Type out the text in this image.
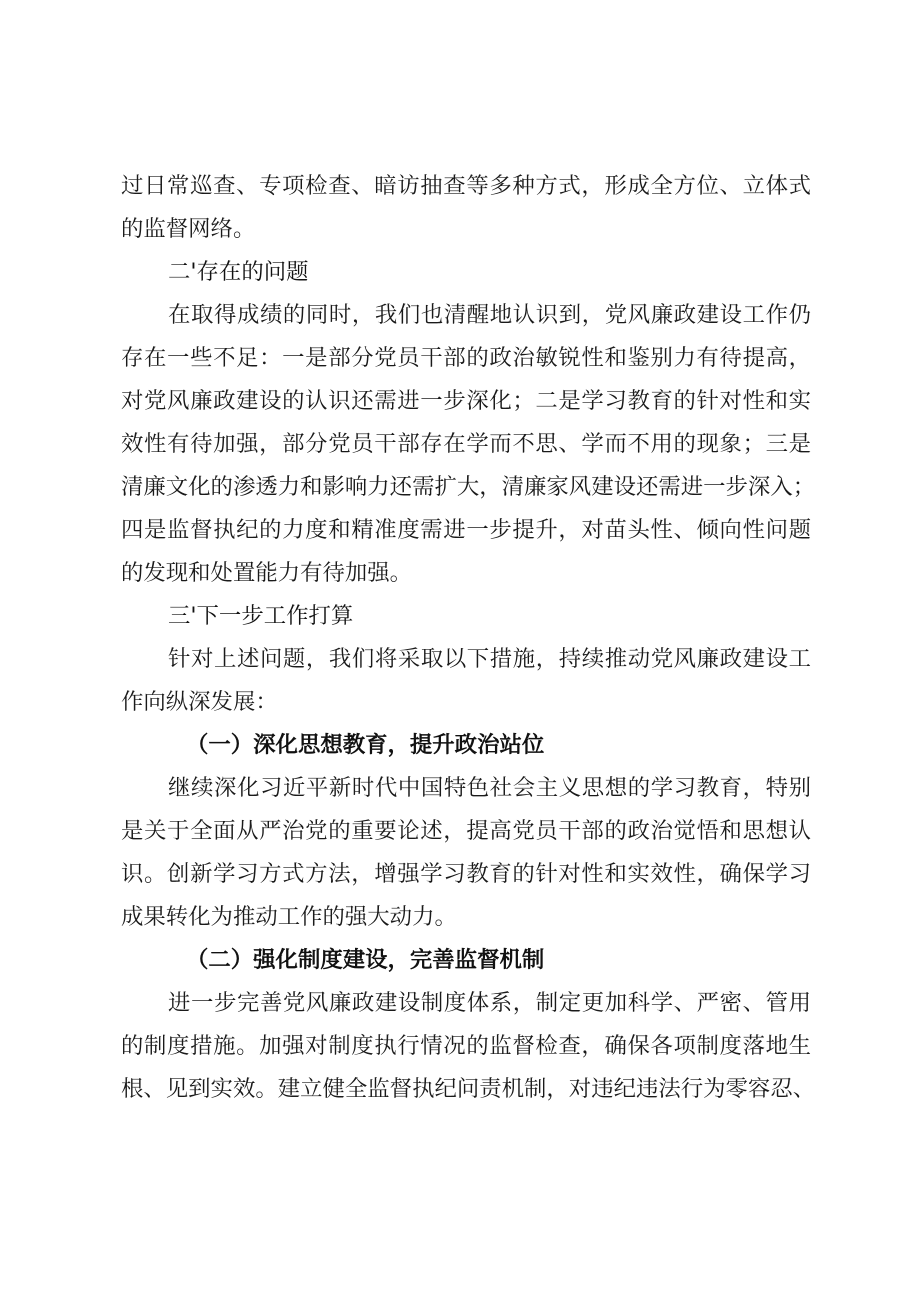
过日常巡查、专项检查、暗访抽查等多种方式，形成全方位、立体式
的监督网络。
二'存在的问题
在取得成绩的同时，我们也清醒地认识到，党风廉政建设工作仍
存在一些不足：一是部分党员干部的政治敏锐性和鉴别力有待提高，
对党风廉政建设的认识还需进一步深化；二是学习教育的针对性和实
效性有待加强，部分党员干部存在学而不思、学而不用的现象；三是
清廉文化的渗透力和影响力还需扩大，清廉家风建设还需进一步深入；
四是监督执纪的力度和精准度需进一步提升，对苗头性、倾向性问题
的发现和处置能力有待加强。
三'下一步工作打算
针对上述问题，我们将采取以下措施，持续推动党风廉政建设工
作向纵深发展：
（一）深化思想教育，提升政治站位
继续深化习近平新时代中国特色社会主义思想的学习教育，特别
是关于全面从严治党的重要论述，提高党员干部的政治觉悟和思想认
识。创新学习方式方法，增强学习教育的针对性和实效性，确保学习
成果转化为推动工作的强大动力。
（二）强化制度建设，完善监督机制
进一步完善党风廉政建设制度体系，制定更加科学、严密、管用
的制度措施。加强对制度执行情况的监督检查，确保各项制度落地生
根、见到实效。建立健全监督执纪问责机制，对违纪违法行为零容忍、
